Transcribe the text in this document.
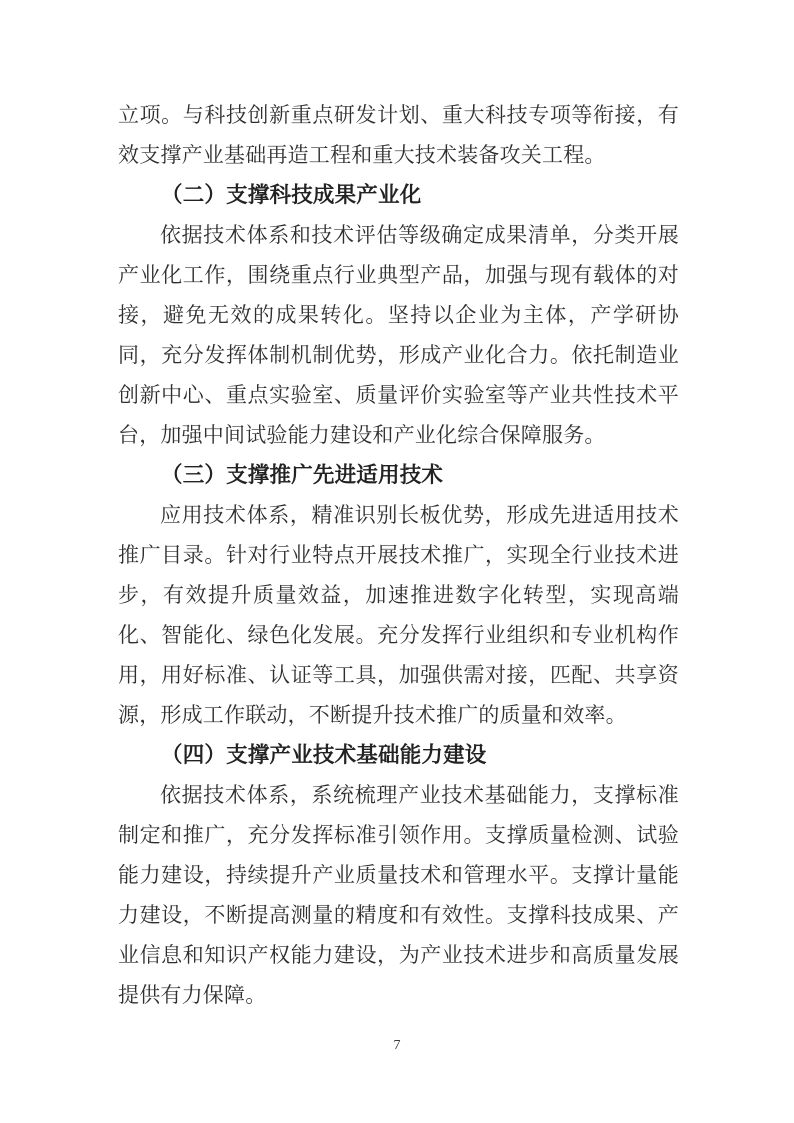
立项。与科技创新重点研发计划、重大科技专项等衔接，有效支撑产业基础再造工程和重大技术装备攻关工程。

（二）支撑科技成果产业化

依据技术体系和技术评估等级确定成果清单，分类开展产业化工作，围绕重点行业典型产品，加强与现有载体的对接，避免无效的成果转化。坚持以企业为主体，产学研协同，充分发挥体制机制优势，形成产业化合力。依托制造业创新中心、重点实验室、质量评价实验室等产业共性技术平台，加强中间试验能力建设和产业化综合保障服务。

（三）支撑推广先进适用技术

应用技术体系，精准识别长板优势，形成先进适用技术推广目录。针对行业特点开展技术推广，实现全行业技术进步，有效提升质量效益，加速推进数字化转型，实现高端化、智能化、绿色化发展。充分发挥行业组织和专业机构作用，用好标准、认证等工具，加强供需对接，匹配、共享资源，形成工作联动，不断提升技术推广的质量和效率。

（四）支撑产业技术基础能力建设

依据技术体系，系统梳理产业技术基础能力，支撑标准制定和推广，充分发挥标准引领作用。支撑质量检测、试验能力建设，持续提升产业质量技术和管理水平。支撑计量能力建设，不断提高测量的精度和有效性。支撑科技成果、产业信息和知识产权能力建设，为产业技术进步和高质量发展提供有力保障。

7
